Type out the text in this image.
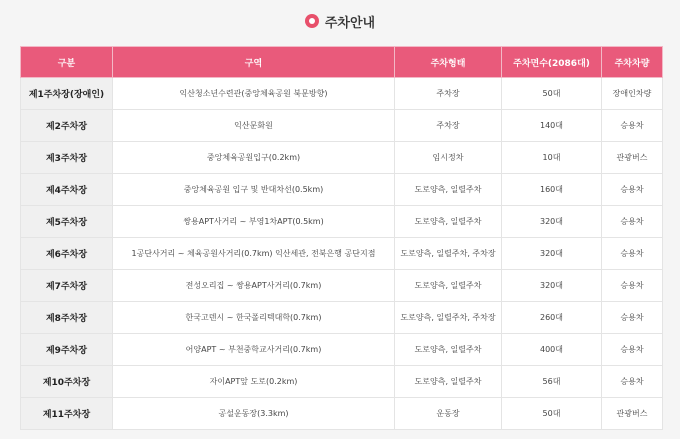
주차안내
구분	구역	주차형태	주차면수(2086대)	주차차량
제1주차장(장애인)	익산청소년수련관(중앙체육공원 북문방향)	주차장	50대	장애인차량
제2주차장	익산문화원	주차장	140대	승용차
제3주차장	중앙체육공원입구(0.2km)	임시정차	10대	관광버스
제4주차장	중앙체육공원 입구 및 반대차선(0.5km)	도로양측, 일렬주차	160대	승용차
제5주차장	쌍용APT사거리 ~ 부영1차APT(0.5km)	도로양측, 일렬주차	320대	승용차
제6주차장	1공단사거리 ~ 체육공원사거리(0.7km) 익산세관, 전북은행 공단지점	도로양측, 일렬주차, 주차장	320대	승용차
제7주차장	전성오리집 ~ 쌍용APT사거리(0.7km)	도로양측, 일렬주차	320대	승용차
제8주차장	한국고덴시 ~ 한국폴리텍대학(0.7km)	도로양측, 일렬주차, 주차장	260대	승용차
제9주차장	어양APT ~ 부천중학교사거리(0.7km)	도로양측, 일렬주차	400대	승용차
제10주차장	자이APT앞 도로(0.2km)	도로양측, 일렬주차	56대	승용차
제11주차장	공설운동장(3.3km)	운동장	50대	관광버스
